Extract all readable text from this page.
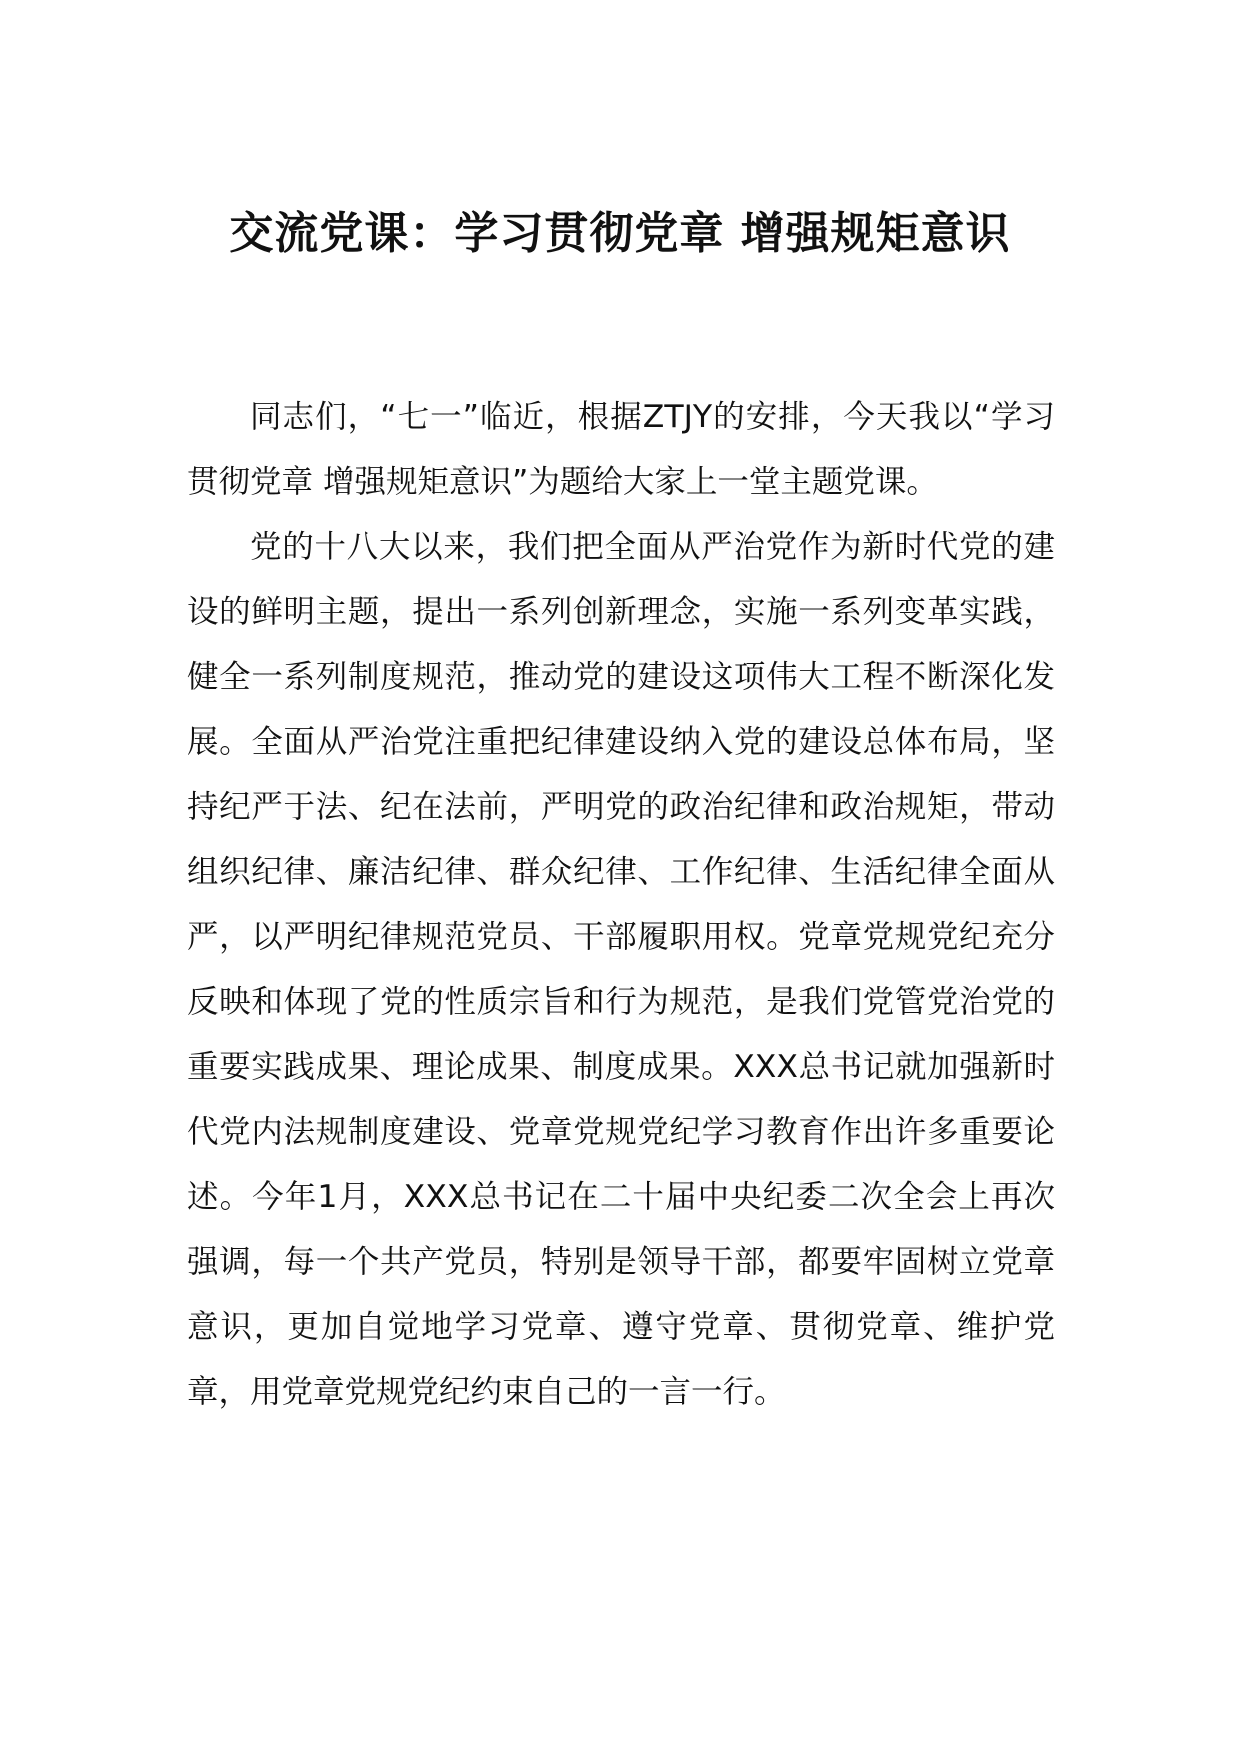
交流党课：学习贯彻党章 增强规矩意识

同志们，“七一”临近，根据ZTJY的安排，今天我以“学习贯彻党章 增强规矩意识”为题给大家上一堂主题党课。

党的十八大以来，我们把全面从严治党作为新时代党的建设的鲜明主题，提出一系列创新理念，实施一系列变革实践，健全一系列制度规范，推动党的建设这项伟大工程不断深化发展。全面从严治党注重把纪律建设纳入党的建设总体布局，坚持纪严于法、纪在法前，严明党的政治纪律和政治规矩，带动组织纪律、廉洁纪律、群众纪律、工作纪律、生活纪律全面从严，以严明纪律规范党员、干部履职用权。党章党规党纪充分反映和体现了党的性质宗旨和行为规范，是我们党管党治党的重要实践成果、理论成果、制度成果。XXX总书记就加强新时代党内法规制度建设、党章党规党纪学习教育作出许多重要论述。今年1月，XXX总书记在二十届中央纪委二次全会上再次强调，每一个共产党员，特别是领导干部，都要牢固树立党章意识，更加自觉地学习党章、遵守党章、贯彻党章、维护党章，用党章党规党纪约束自己的一言一行。
